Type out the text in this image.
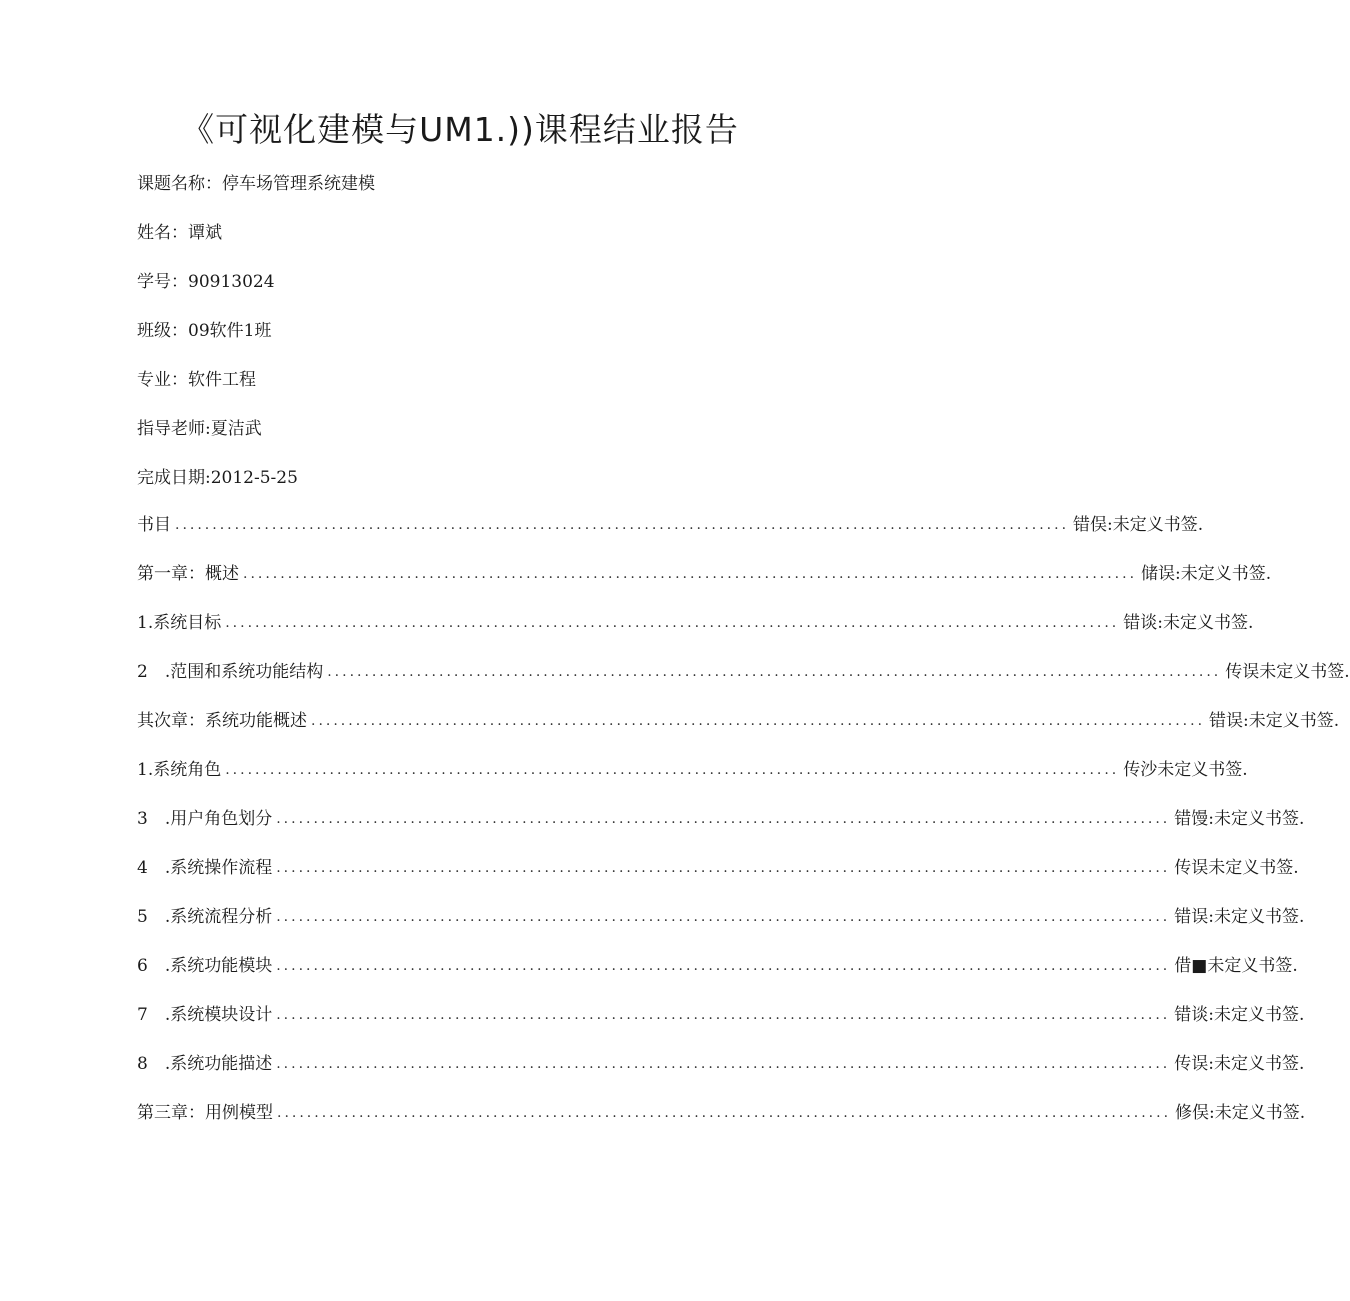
《可视化建模与UM1.))课程结业报告
课题名称：停车场管理系统建模
姓名：谭斌
学号：90913024
班级：09软件1班
专业：软件工程
指导老师:夏洁武
完成日期:2012-5-25
书目 ........................................................................................................................ 错俣:未定义书签.
第一章：概述 ........................................................................................................................ 储误:未定义书签.
1.系统目标 ........................................................................................................................ 错谈:未定义书签.
2　.范围和系统功能结构 ........................................................................................................................ 传误未定义书签.
其次章：系统功能概述 ........................................................................................................................ 错误:未定义书签.
1.系统角色 ........................................................................................................................ 传沙未定义书签.
3　.用户角色划分 ........................................................................................................................ 错馒:未定义书签.
4　.系统操作流程 ........................................................................................................................ 传误未定义书签.
5　.系统流程分析 ........................................................................................................................ 错误:未定义书签.
6　.系统功能模块 ........................................................................................................................ 借■未定义书签.
7　.系统模块设计 ........................................................................................................................ 错谈:未定义书签.
8　.系统功能描述 ........................................................................................................................ 传误:未定义书签.
第三章：用例模型 ........................................................................................................................ 修俣:未定义书签.
